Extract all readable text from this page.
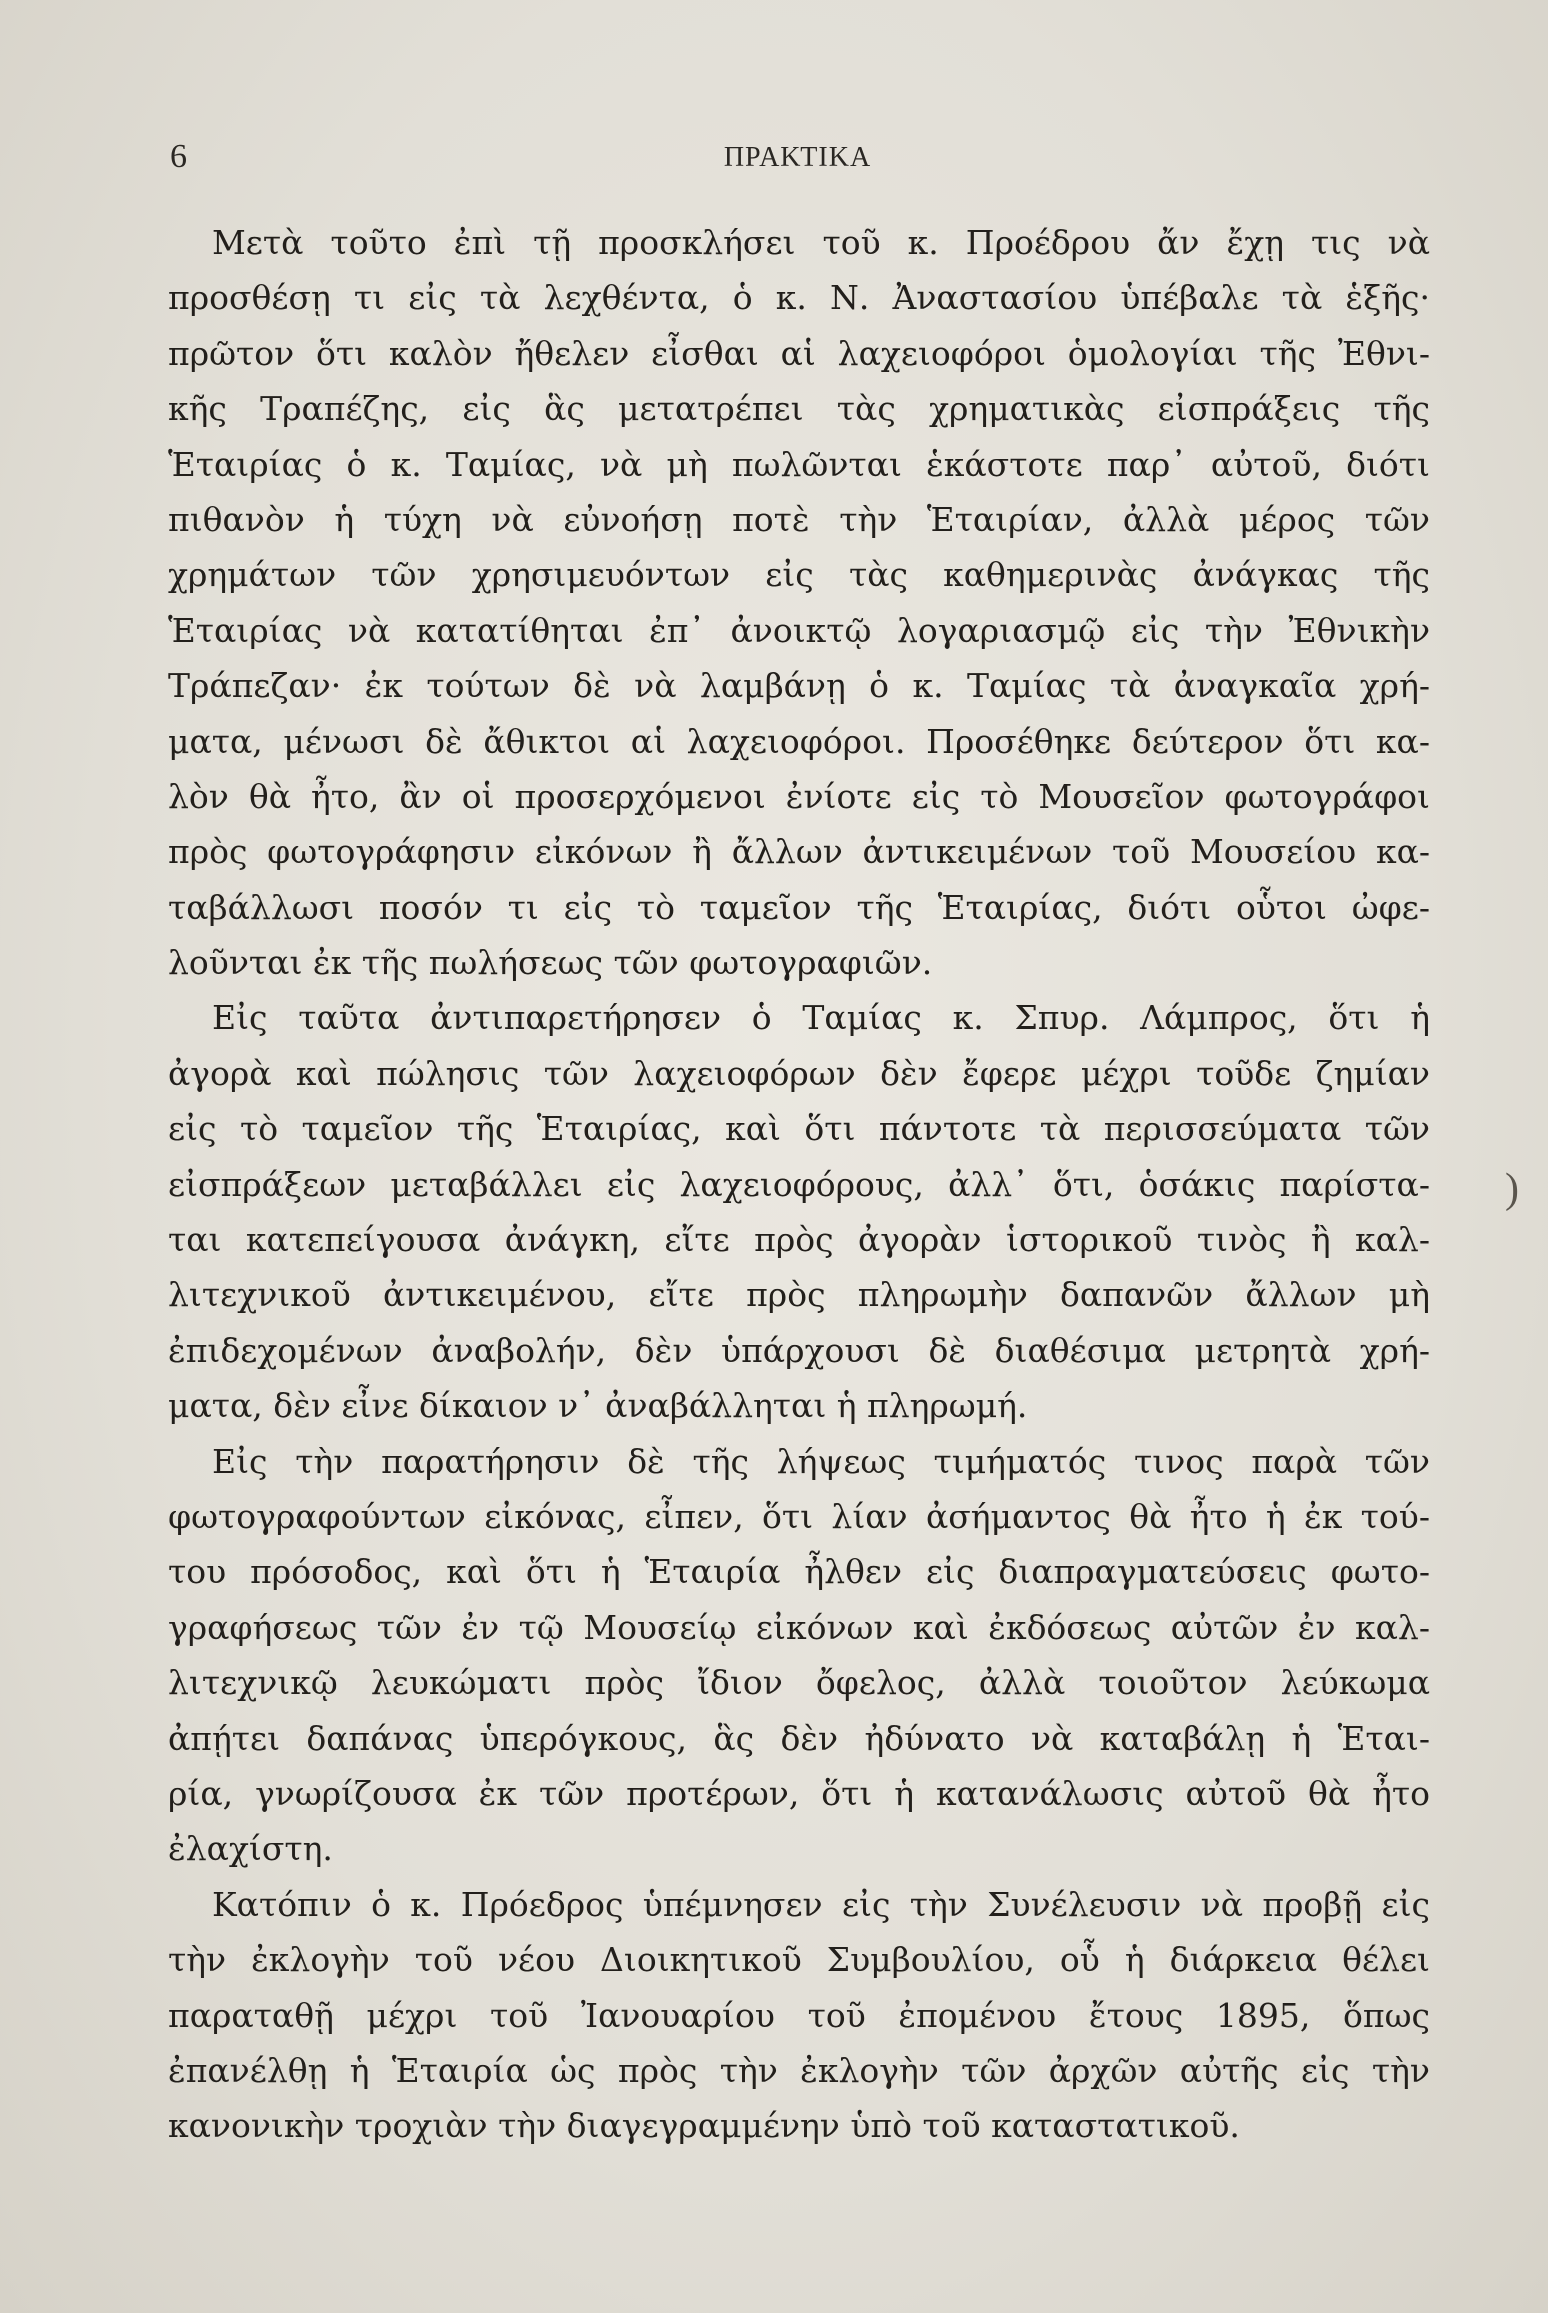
6	ΠΡΑΚΤΙΚΑ
Μετὰ τοῦτο ἐπὶ τῇ προσκλήσει τοῦ κ. Προέδρου ἄν ἔχῃ τις νὰ
προσθέσῃ τι εἰς τὰ λεχθέντα, ὁ κ. Ν. Ἀναστασίου ὑπέβαλε τὰ ἑξῆς·
πρῶτον ὅτι καλὸν ἤθελεν εἶσθαι αἱ λαχειοφόροι ὁμολογίαι τῆς Ἐθνι-
κῆς Τραπέζης, εἰς ἃς μετατρέπει τὰς χρηματικὰς εἰσπράξεις τῆς
Ἑταιρίας ὁ κ. Ταμίας, νὰ μὴ πωλῶνται ἑκάστοτε παρ᾽ αὐτοῦ, διότι
πιθανὸν ἡ τύχη νὰ εὐνοήσῃ ποτὲ τὴν Ἑταιρίαν, ἀλλὰ μέρος τῶν
χρημάτων τῶν χρησιμευόντων εἰς τὰς καθημερινὰς ἀνάγκας τῆς
Ἑταιρίας νὰ κατατίθηται ἐπ᾽ ἀνοικτῷ λογαριασμῷ εἰς τὴν Ἐθνικὴν
Τράπεζαν· ἐκ τούτων δὲ νὰ λαμβάνῃ ὁ κ. Ταμίας τὰ ἀναγκαῖα χρή-
ματα, μένωσι δὲ ἄθικτοι αἱ λαχειοφόροι. Προσέθηκε δεύτερον ὅτι κα-
λὸν θὰ ἦτο, ἂν οἱ προσερχόμενοι ἐνίοτε εἰς τὸ Μουσεῖον φωτογράφοι
πρὸς φωτογράφησιν εἰκόνων ἢ ἄλλων ἀντικειμένων τοῦ Μουσείου κα-
ταβάλλωσι ποσόν τι εἰς τὸ ταμεῖον τῆς Ἑταιρίας, διότι οὗτοι ὠφε-
λοῦνται ἐκ τῆς πωλήσεως τῶν φωτογραφιῶν.
Εἰς ταῦτα ἀντιπαρετήρησεν ὁ Ταμίας κ. Σπυρ. Λάμπρος, ὅτι ἡ
ἀγορὰ καὶ πώλησις τῶν λαχειοφόρων δὲν ἔφερε μέχρι τοῦδε ζημίαν
εἰς τὸ ταμεῖον τῆς Ἑταιρίας, καὶ ὅτι πάντοτε τὰ περισσεύματα τῶν
εἰσπράξεων μεταβάλλει εἰς λαχειοφόρους, ἀλλ᾽ ὅτι, ὁσάκις παρίστα-
ται κατεπείγουσα ἀνάγκη, εἴτε πρὸς ἀγορὰν ἱστορικοῦ τινὸς ἢ καλ-
λιτεχνικοῦ ἀντικειμένου, εἴτε πρὸς πληρωμὴν δαπανῶν ἄλλων μὴ
ἐπιδεχομένων ἀναβολήν, δὲν ὑπάρχουσι δὲ διαθέσιμα μετρητὰ χρή-
ματα, δὲν εἶνε δίκαιον ν᾽ ἀναβάλληται ἡ πληρωμή.
Εἰς τὴν παρατήρησιν δὲ τῆς λήψεως τιμήματός τινος παρὰ τῶν
φωτογραφούντων εἰκόνας, εἶπεν, ὅτι λίαν ἀσήμαντος θὰ ἦτο ἡ ἐκ τού-
του πρόσοδος, καὶ ὅτι ἡ Ἑταιρία ἦλθεν εἰς διαπραγματεύσεις φωτο-
γραφήσεως τῶν ἐν τῷ Μουσείῳ εἰκόνων καὶ ἐκδόσεως αὐτῶν ἐν καλ-
λιτεχνικῷ λευκώματι πρὸς ἴδιον ὄφελος, ἀλλὰ τοιοῦτον λεύκωμα
ἀπῄτει δαπάνας ὑπερόγκους, ἃς δὲν ἠδύνατο νὰ καταβάλῃ ἡ Ἑται-
ρία, γνωρίζουσα ἐκ τῶν προτέρων, ὅτι ἡ κατανάλωσις αὐτοῦ θὰ ἦτο
ἐλαχίστη.
Κατόπιν ὁ κ. Πρόεδρος ὑπέμνησεν εἰς τὴν Συνέλευσιν νὰ προβῇ εἰς
τὴν ἐκλογὴν τοῦ νέου Διοικητικοῦ Συμβουλίου, οὗ ἡ διάρκεια θέλει
παραταθῇ μέχρι τοῦ Ἰανουαρίου τοῦ ἐπομένου ἔτους 1895, ὅπως
ἐπανέλθῃ ἡ Ἑταιρία ὡς πρὸς τὴν ἐκλογὴν τῶν ἀρχῶν αὐτῆς εἰς τὴν
κανονικὴν τροχιὰν τὴν διαγεγραμμένην ὑπὸ τοῦ καταστατικοῦ.
)
